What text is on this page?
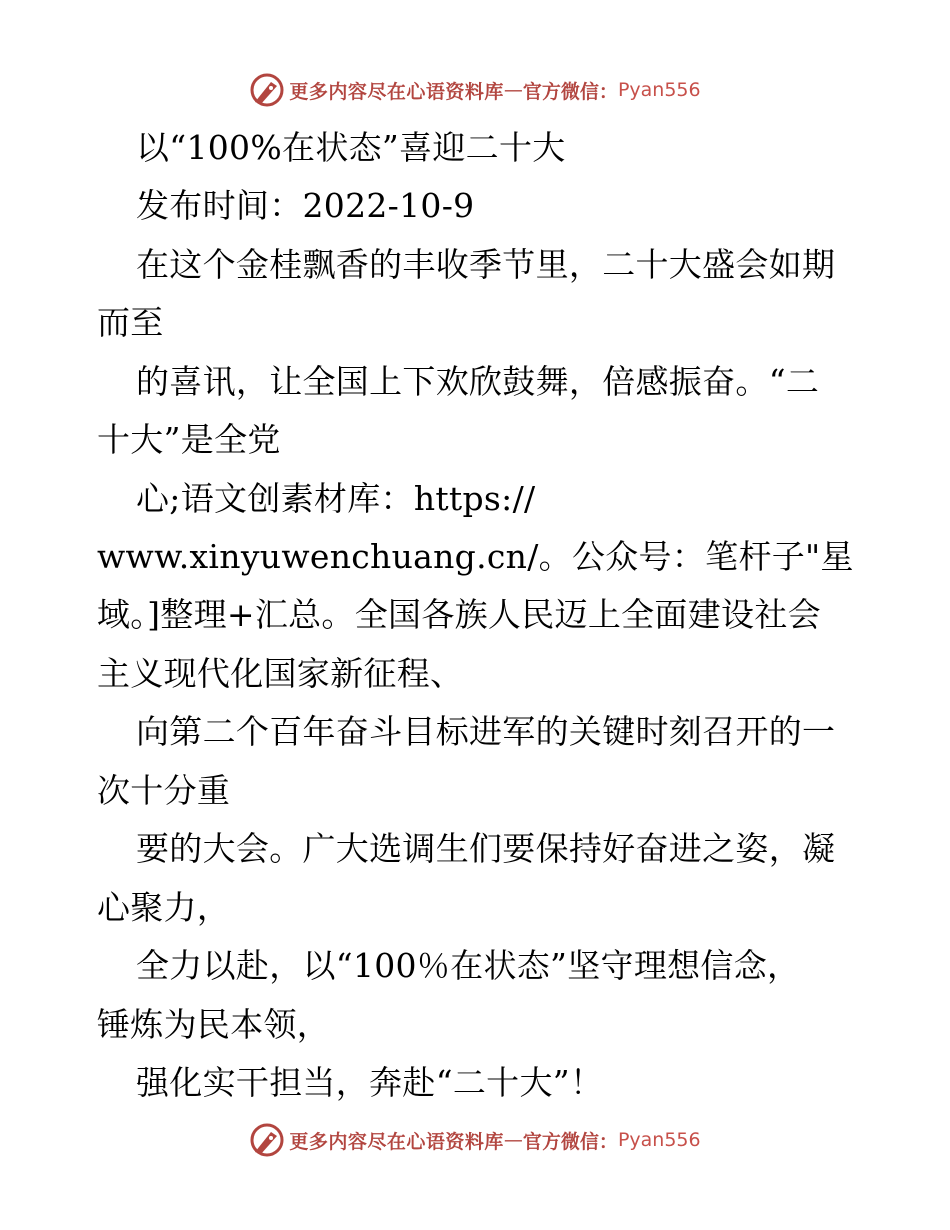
更多内容尽在心语资料库 — 官方微信： Pyan556
以“100%在状态”喜迎二十大
发布时间：2022-10-9
在这个金桂飘香的丰收季节里，二十大盛会如期
而至
的喜讯，让全国上下欢欣鼓舞，倍感振奋。“二
十大”是全党
心;语文创素材库：https://
www.xinyuwenchuang.cn/。公众号：笔杆子"星
域。]整理+汇总。全国各族人民迈上全面建设社会
主义现代化国家新征程、
向第二个百年奋斗目标进军的关键时刻召开的一
次十分重
要的大会。广大选调生们要保持好奋进之姿，凝
心聚力，
全力以赴，以“100％在状态”坚守理想信念，
锤炼为民本领，
强化实干担当，奔赴“二十大”！
更多内容尽在心语资料库 — 官方微信： Pyan556
